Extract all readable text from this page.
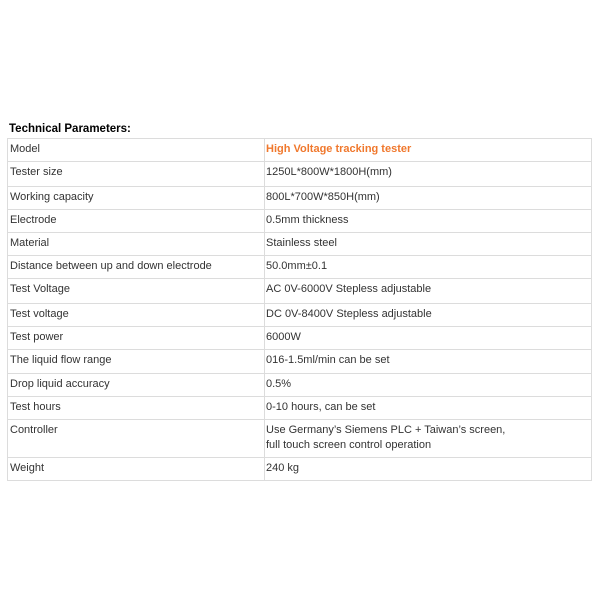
Technical Parameters:
Model	High Voltage tracking tester

Tester size	1250L*800W*1800H(mm)

Working capacity	800L*700W*850H(mm)

Electrode	0.5mm thickness

Material	Stainless steel

Distance between up and down electrode	50.0mm±0.1

Test Voltage	AC 0V-6000V Stepless adjustable

Test voltage	DC 0V-8400V Stepless adjustable

Test power	6000W

The liquid flow range	016-1.5ml/min can be set

Drop liquid accuracy	0.5%

Test hours	0-10 hours, can be set

Controller	Use Germany’s Siemens PLC + Taiwan’s screen,
full touch screen control operation

Weight	240 kg
